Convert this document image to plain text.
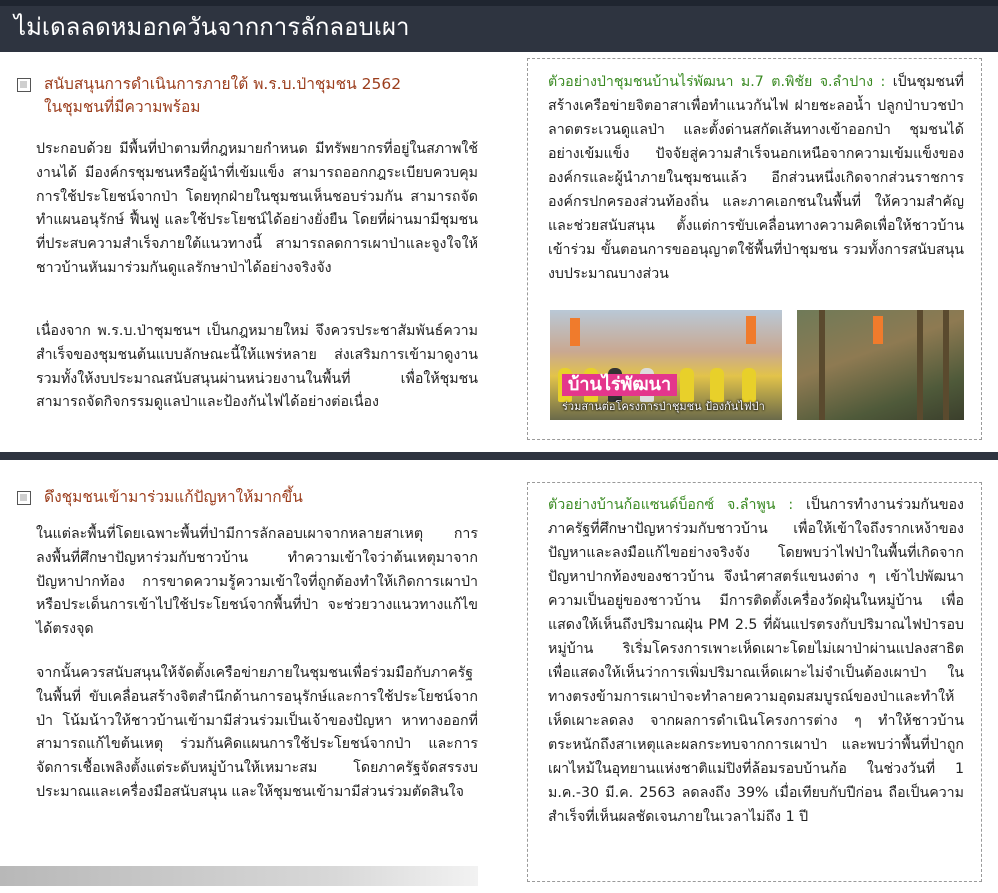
ไม่เดลลดหมอกควันจากการลักลอบเผา
สนับสนุนการดำเนินการภายใต้ พ.ร.บ.ป่าชุมชน 2562
ในชุมชนที่มีความพร้อม
ประกอบด้วย มีพื้นที่ป่าตามที่กฎหมายกำหนด มีทรัพยากรที่อยู่ในสภาพใช้งานได้ มีองค์กรชุมชนหรือผู้นำที่เข้มแข็ง สามารถออกกฎระเบียบควบคุมการใช้ประโยชน์จากป่า โดยทุกฝ่ายในชุมชนเห็นชอบร่วมกัน สามารถจัดทำแผนอนุรักษ์ ฟื้นฟู และใช้ประโยชน์ได้อย่างยั่งยืน โดยที่ผ่านมามีชุมชนที่ประสบความสำเร็จภายใต้แนวทางนี้ สามารถลดการเผาป่าและจูงใจให้ชาวบ้านหันมาร่วมกันดูแลรักษาป่าได้อย่างจริงจัง
เนื่องจาก พ.ร.บ.ป่าชุมชนฯ เป็นกฎหมายใหม่ จึงควรประชาสัมพันธ์ความสำเร็จของชุมชนต้นแบบลักษณะนี้ให้แพร่หลาย ส่งเสริมการเข้ามาดูงาน รวมทั้งให้งบประมาณสนับสนุนผ่านหน่วยงานในพื้นที่ เพื่อให้ชุมชนสามารถจัดกิจกรรมดูแลป่าและป้องกันไฟได้อย่างต่อเนื่อง
ตัวอย่างป่าชุมชนบ้านไร่พัฒนา ม.7 ต.พิชัย จ.ลำปาง : เป็นชุมชนที่สร้างเครือข่ายจิตอาสาเพื่อทำแนวกันไฟ ฝายชะลอน้ำ ปลูกป่าบวชป่า ลาดตระเวนดูแลป่า และตั้งด่านสกัดเส้นทางเข้าออกป่า ชุมชนได้อย่างเข้มแข็ง ปัจจัยสู่ความสำเร็จนอกเหนือจากความเข้มแข็งขององค์กรและผู้นำภายในชุมชนแล้ว อีกส่วนหนึ่งเกิดจากส่วนราชการ องค์กรปกครองส่วนท้องถิ่น และภาคเอกชนในพื้นที่ ให้ความสำคัญและช่วยสนับสนุน ตั้งแต่การขับเคลื่อนทางความคิดเพื่อให้ชาวบ้านเข้าร่วม ขั้นตอนการขออนุญาตใช้พื้นที่ป่าชุมชน รวมทั้งการสนับสนุนงบประมาณบางส่วน
บ้านไร่พัฒนา
ร่วมสานต่อโครงการป่าชุมชน ป้องกันไฟป่า
ดึงชุมชนเข้ามาร่วมแก้ปัญหาให้มากขึ้น
ในแต่ละพื้นที่โดยเฉพาะพื้นที่ป่ามีการลักลอบเผาจากหลายสาเหตุ การลงพื้นที่ศึกษาปัญหาร่วมกับชาวบ้าน ทำความเข้าใจว่าต้นเหตุมาจากปัญหาปากท้อง การขาดความรู้ความเข้าใจที่ถูกต้องทำให้เกิดการเผาป่า หรือประเด็นการเข้าไปใช้ประโยชน์จากพื้นที่ป่า จะช่วยวางแนวทางแก้ไขได้ตรงจุด
จากนั้นควรสนับสนุนให้จัดตั้งเครือข่ายภายในชุมชนเพื่อร่วมมือกับภาครัฐในพื้นที่ ขับเคลื่อนสร้างจิตสำนึกด้านการอนุรักษ์และการใช้ประโยชน์จากป่า โน้มน้าวให้ชาวบ้านเข้ามามีส่วนร่วมเป็นเจ้าของปัญหา หาทางออกที่สามารถแก้ไขต้นเหตุ ร่วมกันคิดแผนการใช้ประโยชน์จากป่า และการจัดการเชื้อเพลิงตั้งแต่ระดับหมู่บ้านให้เหมาะสม โดยภาครัฐจัดสรรงบประมาณและเครื่องมือสนับสนุน และให้ชุมชนเข้ามามีส่วนร่วมตัดสินใจ
ตัวอย่างบ้านก้อแซนด์บ็อกซ์ จ.ลำพูน : เป็นการทำงานร่วมกันของภาครัฐที่ศึกษาปัญหาร่วมกับชาวบ้าน เพื่อให้เข้าใจถึงรากเหง้าของปัญหาและลงมือแก้ไขอย่างจริงจัง โดยพบว่าไฟป่าในพื้นที่เกิดจากปัญหาปากท้องของชาวบ้าน จึงนำศาสตร์แขนงต่าง ๆ เข้าไปพัฒนาความเป็นอยู่ของชาวบ้าน มีการติดตั้งเครื่องวัดฝุ่นในหมู่บ้าน เพื่อแสดงให้เห็นถึงปริมาณฝุ่น PM 2.5 ที่ผันแปรตรงกับปริมาณไฟป่ารอบหมู่บ้าน ริเริ่มโครงการเพาะเห็ดเผาะโดยไม่เผาป่าผ่านแปลงสาธิต เพื่อแสดงให้เห็นว่าการเพิ่มปริมาณเห็ดเผาะไม่จำเป็นต้องเผาป่า ในทางตรงข้ามการเผาป่าจะทำลายความอุดมสมบูรณ์ของป่าและทำให้เห็ดเผาะลดลง จากผลการดำเนินโครงการต่าง ๆ ทำให้ชาวบ้านตระหนักถึงสาเหตุและผลกระทบจากการเผาป่า และพบว่าพื้นที่ป่าถูกเผาไหม้ในอุทยานแห่งชาติแม่ปิงที่ล้อมรอบบ้านก้อ ในช่วงวันที่ 1 ม.ค.-30 มี.ค. 2563 ลดลงถึง 39% เมื่อเทียบกับปีก่อน ถือเป็นความสำเร็จที่เห็นผลชัดเจนภายในเวลาไม่ถึง 1 ปี
